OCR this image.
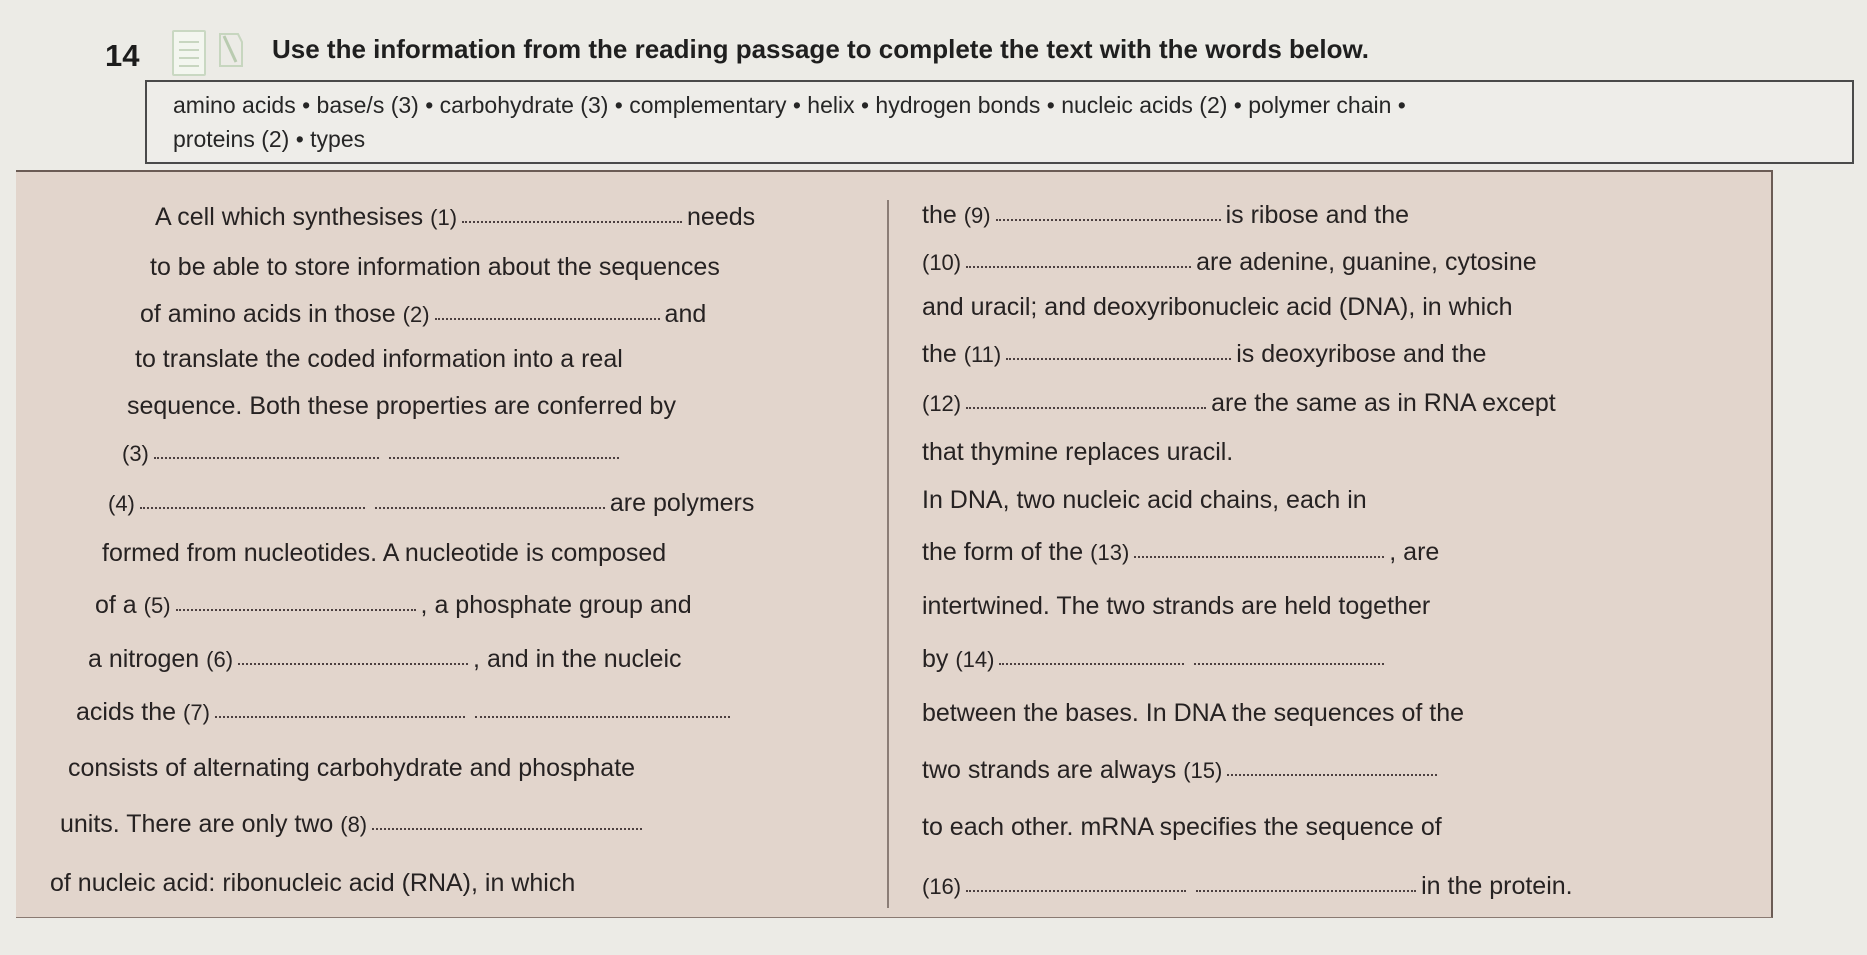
14	Use the information from the reading passage to complete the text with the words below.
amino acids • base/s (3) • carbohydrate (3) • complementary • helix • hydrogen bonds • nucleic acids (2) • polymer chain •
proteins (2) • types
A cell which synthesises
(1)	needs
to be able to store information about the sequences
of amino acids in those
(2)	and
to translate the coded information into a real
sequence. Both these properties are conferred by
(3)
(4)	are polymers
formed from nucleotides. A nucleotide is composed
of a
(5)	, a phosphate group and
a nitrogen
(6)	, and in the nucleic
acids the
(7)
consists of alternating carbohydrate and phosphate
units. There are only two
(8)
of nucleic acid: ribonucleic acid (RNA), in which
the
(9)	is ribose and the
(10)	are adenine, guanine, cytosine
and uracil; and deoxyribonucleic acid (DNA), in which
the
(11)	is deoxyribose and the
(12)	are the same as in RNA except
that thymine replaces uracil.
In DNA, two nucleic acid chains, each in
the form of the
(13)	, are
intertwined. The two strands are held together
by
(14)
between the bases. In DNA the sequences of the
two strands are always
(15)
to each other. mRNA specifies the sequence of
(16)	in the protein.
